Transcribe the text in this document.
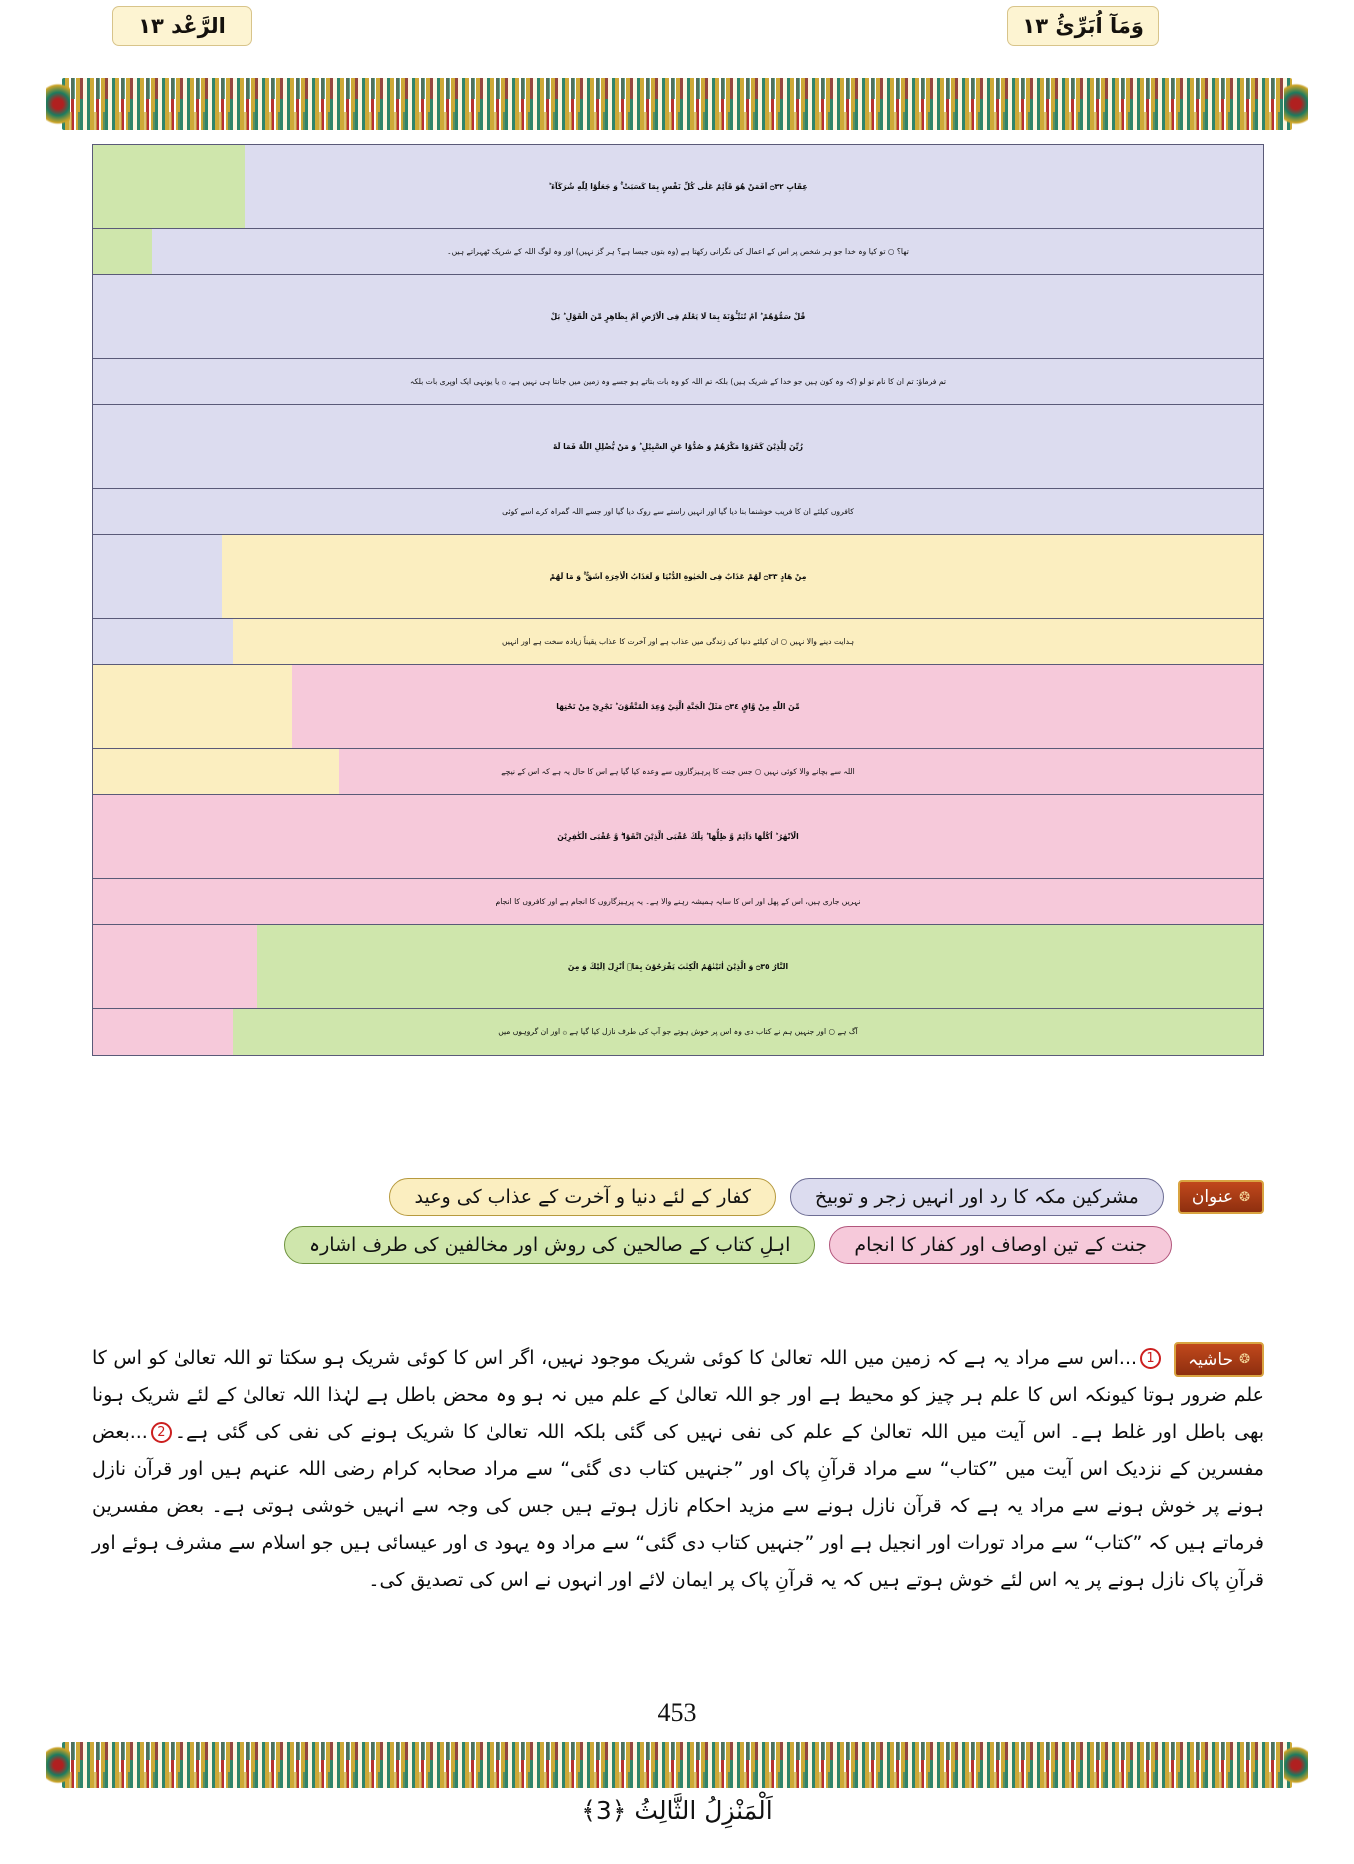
الرَّعْد ١٣	وَمَآ اُبَرِّئُ ١٣
عِقَابِ ۝٣٢ اَفَمَنْ هُوَ قَآئِمٌ عَلٰى كُلِّ نَفْسٍ بِمَا كَسَبَتْ ۚ وَ جَعَلُوْا لِلّٰهِ شُرَكَآءَ ؕ
تھا؟ ○ تو کیا وہ خدا جو ہر شخص پر اس کے اعمال کی نگرانی رکھتا ہے (وہ بتوں جیسا ہے؟ ہر گز نہیں) اور وہ لوگ اللہ کے شریک ٹھہراتے ہیں۔
قُلْ سَمُّوْهُمْ ؕ اَمْ تُنَبِّـُٔوْنَهٗ بِمَا لَا يَعْلَمُ فِى الْاَرْضِ اَمْ بِظَاهِرٍ مِّنَ الْقَوْلِ ؕ بَلْ
تم فرماؤ: تم ان کا نام تو لو (کہ وہ کون ہیں جو خدا کے شریک ہیں) بلکہ تم اللہ کو وہ بات بتاتے ہو جسے وہ زمین میں جانتا ہی نہیں ہے، ۞ یا یونہی ایک اوپری بات بلکہ
زُيِّنَ لِلَّذِيْنَ كَفَرُوْا مَكْرُهُمْ وَ صُدُّوْا عَنِ السَّبِيْلِ ؕ وَ مَنْ يُّضْلِلِ اللّٰهُ فَمَا لَهٗ
کافروں کیلئے ان کا فریب خوشنما بنا دیا گیا اور انہیں راستے سے روک دیا گیا اور جسے اللہ گمراہ کرے اسے کوئی
مِنْ هَادٍ ۝٣٣ لَهُمْ عَذَابٌ فِى الْحَيٰوةِ الدُّنْيَا وَ لَعَذَابُ الْاٰخِرَةِ اَشَقُّ ۚ وَ مَا لَهُمْ
ہدایت دینے والا نہیں ○ ان کیلئے دنیا کی زندگی میں عذاب ہے اور آخرت کا عذاب یقیناً زیادہ سخت ہے اور انہیں
مِّنَ اللّٰهِ مِنْ وَّاقٍ ۝٣٤ مَثَلُ الْجَنَّةِ الَّتِيْ وُعِدَ الْمُتَّقُوْنَ ؕ تَجْرِيْ مِنْ تَحْتِهَا
اللہ سے بچانے والا کوئی نہیں ○ جس جنت کا پرہیزگاروں سے وعدہ کیا گیا ہے اس کا حال یہ ہے کہ اس کے نیچے
الْاَنْهٰرُ ؕ اُكُلُهَا دَآئِمٌ وَّ ظِلُّهَا ؕ تِلْكَ عُقْبَى الَّذِيْنَ اتَّقَوْا ۖ وَّ عُقْبَى الْكٰفِرِيْنَ
نہریں جاری ہیں، اس کے پھل اور اس کا سایہ ہمیشہ رہنے والا ہے۔ یہ پرہیزگاروں کا انجام ہے اور کافروں کا انجام
النَّارُ ۝٣٥ وَ الَّذِيْنَ اٰتَيْنٰهُمُ الْكِتٰبَ يَفْرَحُوْنَ بِمَاۤ اُنْزِلَ اِلَيْكَ وَ مِنَ
آگ ہے ○ اور جنہیں ہم نے کتاب دی وہ اس پر خوش ہوتے جو آپ کی طرف نازل کیا گیا ہے ۞ اور ان گروہوں میں
❂
عنوان
مشرکین مکہ کا رد اور انہیں زجر و توبیخ
کفار کے لئے دنیا و آخرت کے عذاب کی وعید
جنت کے تین اوصاف اور کفار کا انجام
اہلِ کتاب کے صالحین کی روش اور مخالفین کی طرف اشارہ
❂
حاشیہ
1...اس سے مراد یہ ہے کہ زمین میں اللہ تعالیٰ کا کوئی شریک موجود نہیں، اگر اس کا کوئی شریک ہو سکتا تو اللہ تعالیٰ کو اس کا علم ضرور ہوتا کیونکہ اس کا علم ہر چیز کو محیط ہے اور جو اللہ تعالیٰ کے علم میں نہ ہو وہ محض باطل ہے لہٰذا اللہ تعالیٰ کے لئے شریک ہونا بھی باطل اور غلط ہے۔ اس آیت میں اللہ تعالیٰ کے علم کی نفی نہیں کی گئی بلکہ اللہ تعالیٰ کا شریک ہونے کی نفی کی گئی ہے۔2...بعض مفسرین کے نزدیک اس آیت میں ”کتاب“ سے مراد قرآنِ پاک اور ”جنہیں کتاب دی گئی“ سے مراد صحابہ کرام رضی اللہ عنہم ہیں اور قرآن نازل ہونے پر خوش ہونے سے مراد یہ ہے کہ قرآن نازل ہونے سے مزید احکام نازل ہوتے ہیں جس کی وجہ سے انہیں خوشی ہوتی ہے۔ بعض مفسرین فرماتے ہیں کہ ”کتاب“ سے مراد تورات اور انجیل ہے اور ”جنہیں کتاب دی گئی“ سے مراد وہ یہود ی اور عیسائی ہیں جو اسلام سے مشرف ہوئے اور قرآنِ پاک نازل ہونے پر یہ اس لئے خوش ہوتے ہیں کہ یہ قرآنِ پاک پر ایمان لائے اور انہوں نے اس کی تصدیق کی۔
453
اَلْمَنْزِلُ الثَّالِثُ ﴿3﴾
